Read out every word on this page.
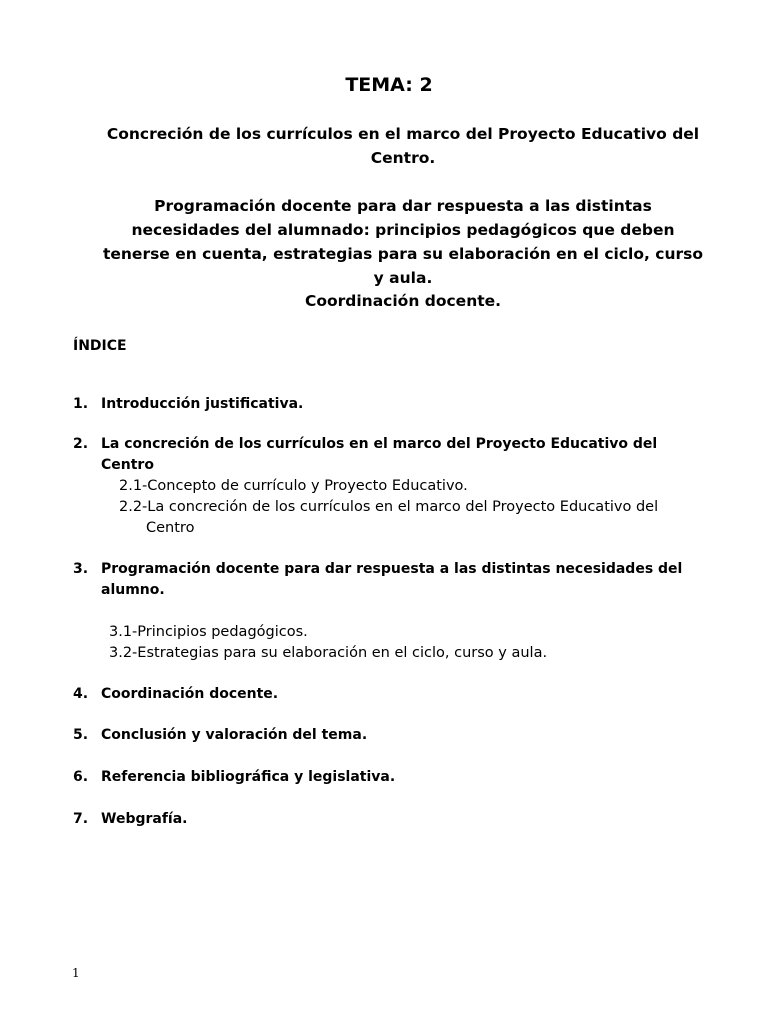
TEMA: 2
Concreción de los currículos en el marco del Proyecto Educativo del Centro.
Programación docente para dar respuesta a las distintas necesidades del alumnado: principios pedagógicos que deben tenerse en cuenta, estrategias para su elaboración en el ciclo, curso y aula.
Coordinación docente.
ÍNDICE
1. Introducción justificativa.
2. La concreción de los currículos en el marco del Proyecto Educativo del Centro
2.1-Concepto de currículo y Proyecto Educativo.
2.2-La concreción de los currículos en el marco del Proyecto Educativo del Centro
3. Programación docente para dar respuesta a las distintas necesidades del alumno.
3.1-Principios pedagógicos.
3.2-Estrategias para su elaboración en el ciclo, curso y aula.
4. Coordinación docente.
5. Conclusión y valoración del tema.
6. Referencia bibliográfica y legislativa.
7. Webgrafía.
1
